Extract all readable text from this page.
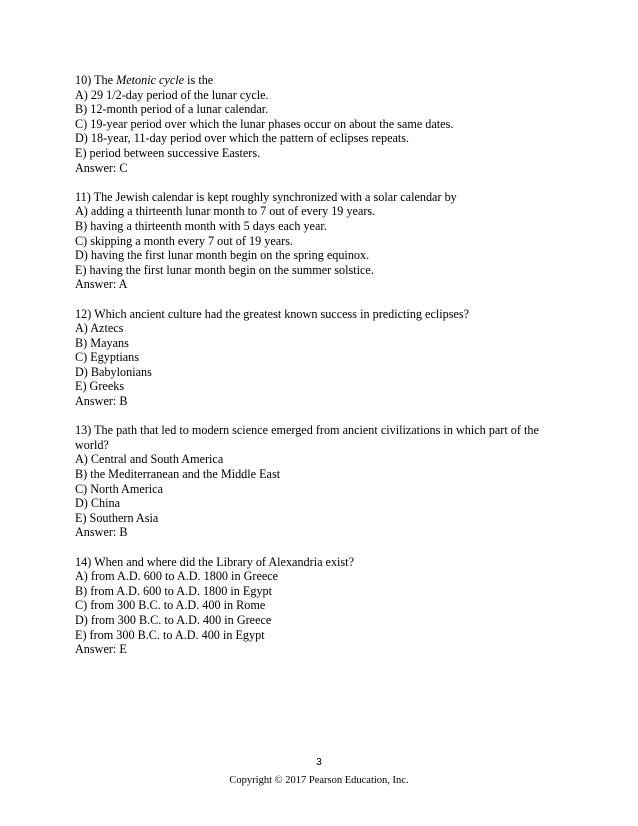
10) The Metonic cycle is the

A) 29 1/2-day period of the lunar cycle.

B) 12-month period of a lunar calendar.

C) 19-year period over which the lunar phases occur on about the same dates.

D) 18-year, 11-day period over which the pattern of eclipses repeats.

E) period between successive Easters.

Answer: C

11) The Jewish calendar is kept roughly synchronized with a solar calendar by

A) adding a thirteenth lunar month to 7 out of every 19 years.

B) having a thirteenth month with 5 days each year.

C) skipping a month every 7 out of 19 years.

D) having the first lunar month begin on the spring equinox.

E) having the first lunar month begin on the summer solstice.

Answer: A

12) Which ancient culture had the greatest known success in predicting eclipses?

A) Aztecs

B) Mayans

C) Egyptians

D) Babylonians

E) Greeks

Answer: B

13) The path that led to modern science emerged from ancient civilizations in which part of the world?

A) Central and South America

B) the Mediterranean and the Middle East

C) North America

D) China

E) Southern Asia

Answer: B

14) When and where did the Library of Alexandria exist?

A) from A.D. 600 to A.D. 1800 in Greece

B) from A.D. 600 to A.D. 1800 in Egypt

C) from 300 B.C. to A.D. 400 in Rome

D) from 300 B.C. to A.D. 400 in Greece

E) from 300 B.C. to A.D. 400 in Egypt

Answer: E

3
Copyright © 2017 Pearson Education, Inc.
